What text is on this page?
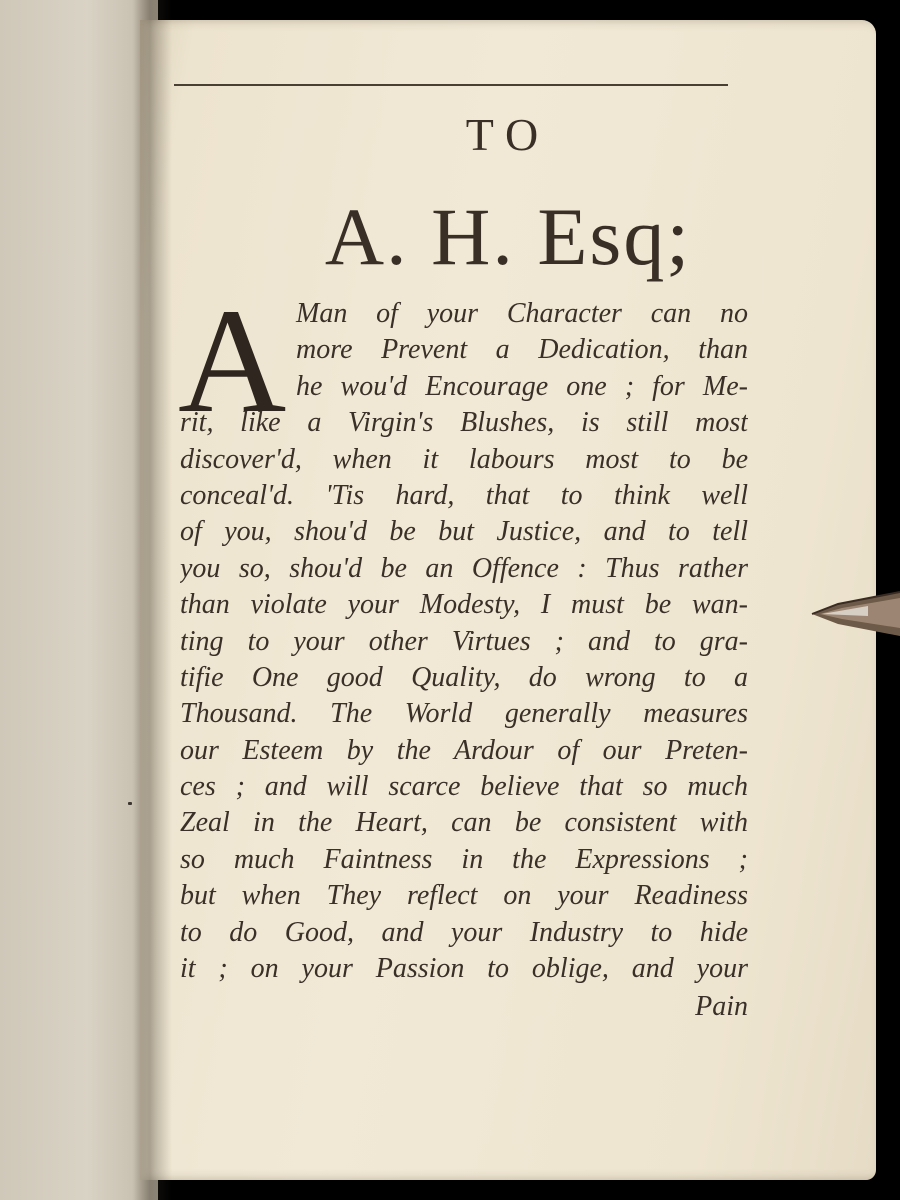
TO
A. H. Esq;
A Man of your Character can no
more Prevent a Dedication, than
he wou'd Encourage one ; for Me-
rit, like a Virgin's Blushes, is still most
discover'd, when it labours most to be
conceal'd. 'Tis hard, that to think well
of you, shou'd be but Justice, and to tell
you so, shou'd be an Offence : Thus rather
than violate your Modesty, I must be wan-
ting to your other Virtues ; and to gra-
tifie One good Quality, do wrong to a
Thousand. The World generally measures
our Esteem by the Ardour of our Preten-
ces ; and will scarce believe that so much
Zeal in the Heart, can be consistent with
so much Faintness in the Expressions ;
but when They reflect on your Readiness
to do Good, and your Industry to hide
it ; on your Passion to oblige, and your
Pain
